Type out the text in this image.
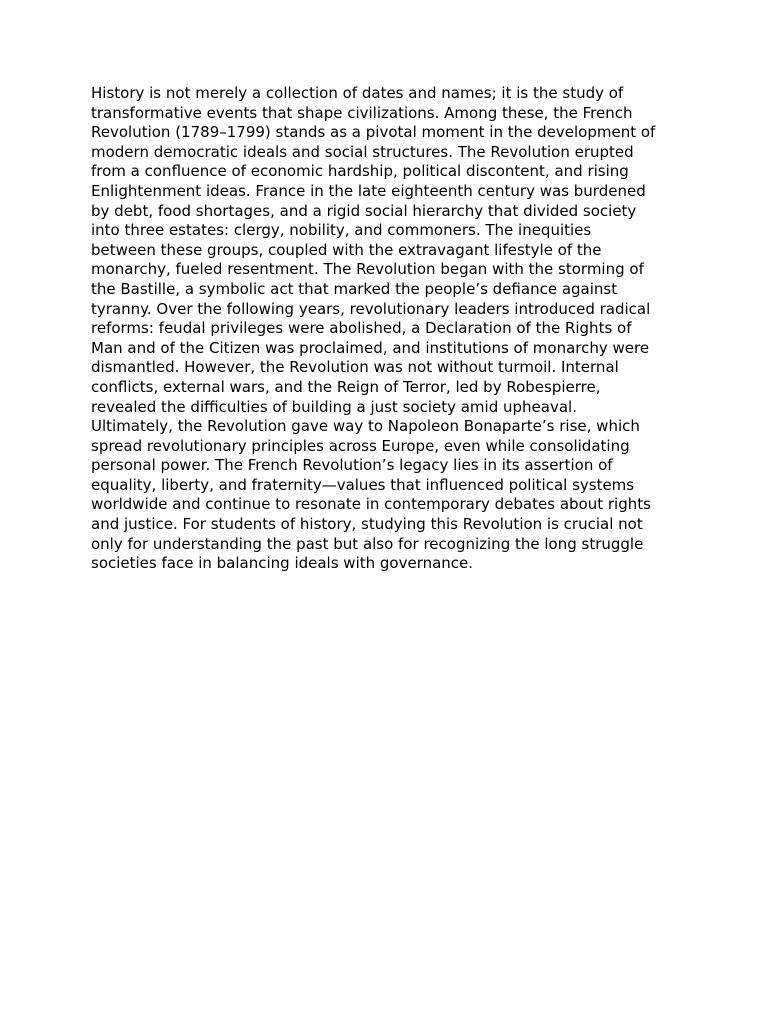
History is not merely a collection of dates and names; it is the study of
transformative events that shape civilizations. Among these, the French
Revolution (1789–1799) stands as a pivotal moment in the development of
modern democratic ideals and social structures. The Revolution erupted
from a confluence of economic hardship, political discontent, and rising
Enlightenment ideas. France in the late eighteenth century was burdened
by debt, food shortages, and a rigid social hierarchy that divided society
into three estates: clergy, nobility, and commoners. The inequities
between these groups, coupled with the extravagant lifestyle of the
monarchy, fueled resentment. The Revolution began with the storming of
the Bastille, a symbolic act that marked the people’s defiance against
tyranny. Over the following years, revolutionary leaders introduced radical
reforms: feudal privileges were abolished, a Declaration of the Rights of
Man and of the Citizen was proclaimed, and institutions of monarchy were
dismantled. However, the Revolution was not without turmoil. Internal
conflicts, external wars, and the Reign of Terror, led by Robespierre,
revealed the difficulties of building a just society amid upheaval.
Ultimately, the Revolution gave way to Napoleon Bonaparte’s rise, which
spread revolutionary principles across Europe, even while consolidating
personal power. The French Revolution’s legacy lies in its assertion of
equality, liberty, and fraternity—values that influenced political systems
worldwide and continue to resonate in contemporary debates about rights
and justice. For students of history, studying this Revolution is crucial not
only for understanding the past but also for recognizing the long struggle
societies face in balancing ideals with governance.
